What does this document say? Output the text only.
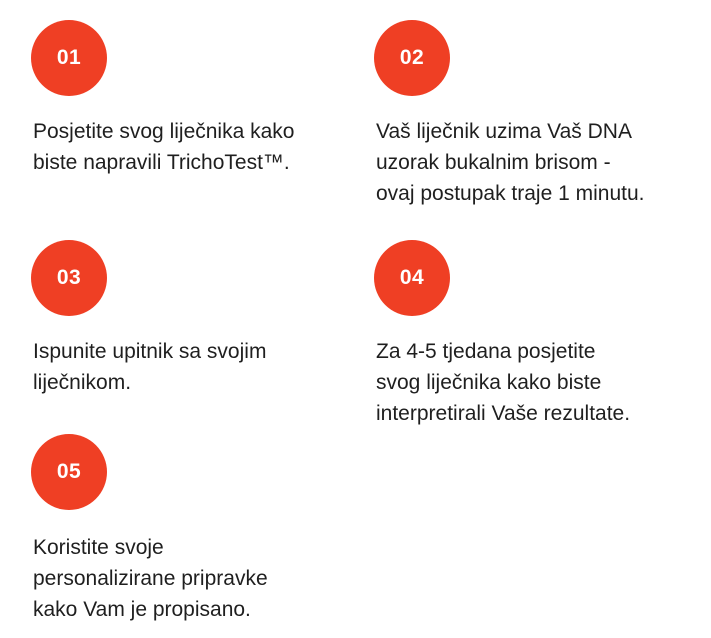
01
Posjetite svog liječnika kako
biste napravili TrichoTest™.
02
Vaš liječnik uzima Vaš DNA
uzorak bukalnim brisom -
ovaj postupak traje 1 minutu.
03
Ispunite upitnik sa svojim
liječnikom.
04
Za 4-5 tjedana posjetite
svog liječnika kako biste
interpretirali Vaše rezultate.
05
Koristite svoje
personalizirane pripravke
kako Vam je propisano.
